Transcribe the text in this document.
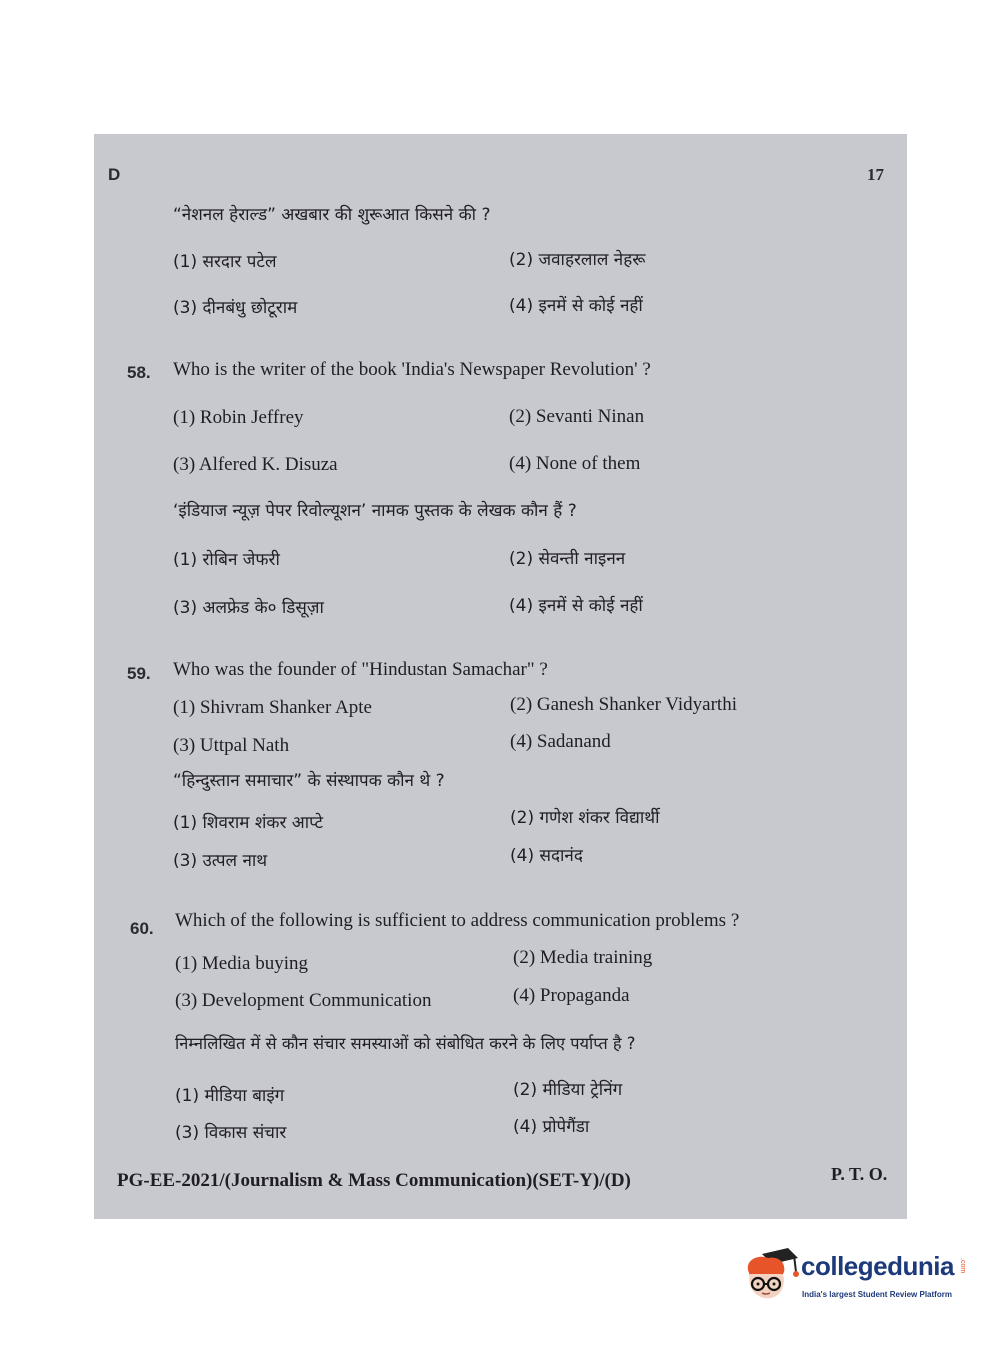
D	17
“नेशनल हेराल्ड” अखबार की शुरूआत किसने की ?
(1) सरदार पटेल	(2) जवाहरलाल नेहरू
(3) दीनबंधु छोटूराम	(4) इनमें से कोई नहीं
58. Who is the writer of the book 'India's Newspaper Revolution' ?
(1) Robin Jeffrey	(2) Sevanti Ninan
(3) Alfered K. Disuza	(4) None of them
‘इंडियाज न्यूज़ पेपर रिवोल्यूशन’ नामक पुस्तक के लेखक कौन हैं ?
(1) रोबिन जेफरी	(2) सेवन्ती नाइनन
(3) अलफ्रेड के० डिसूज़ा	(4) इनमें से कोई नहीं
59. Who was the founder of "Hindustan Samachar" ?
(1) Shivram Shanker Apte	(2) Ganesh Shanker Vidyarthi
(3) Uttpal Nath	(4) Sadanand
“हिन्दुस्तान समाचार” के संस्थापक कौन थे ?
(1) शिवराम शंकर आप्टे	(2) गणेश शंकर विद्यार्थी
(3) उत्पल नाथ	(4) सदानंद
60. Which of the following is sufficient to address communication problems ?
(1) Media buying	(2) Media training
(3) Development Communication	(4) Propaganda
निम्नलिखित में से कौन संचार समस्याओं को संबोधित करने के लिए पर्याप्त है ?
(1) मीडिया बाइंग	(2) मीडिया ट्रेनिंग
(3) विकास संचार	(4) प्रोपेगैंडा
PG-EE-2021/(Journalism & Mass Communication)(SET-Y)/(D)	P. T. O.
collegedunia .com
India's largest Student Review Platform
